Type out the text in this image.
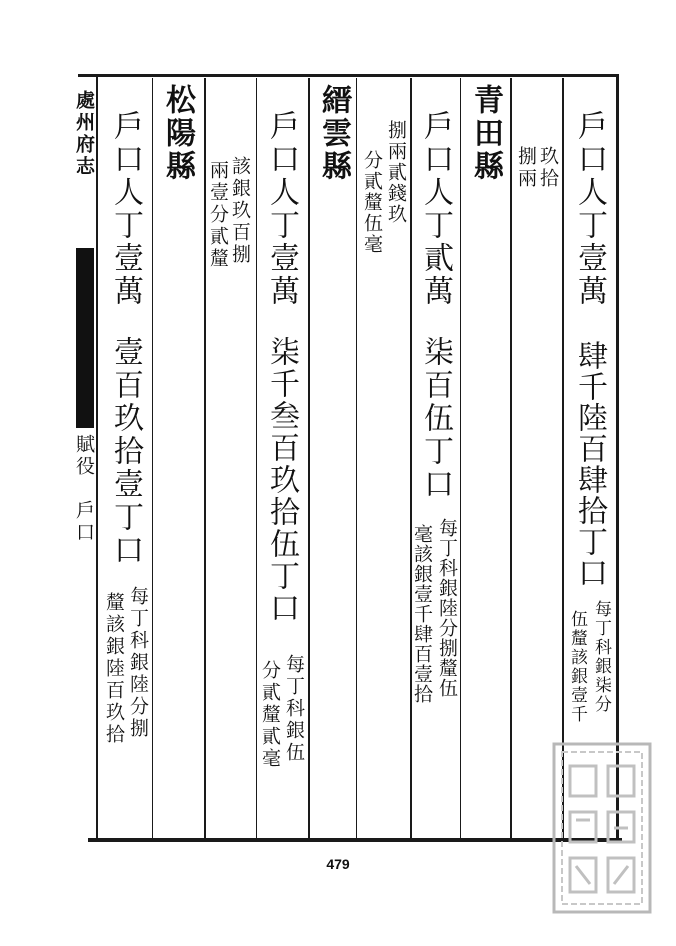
處州府志
賦役
戶口
戶口人丁壹萬
肆千陸百肆拾丁口
玖拾
捌兩
每丁科銀柒分
伍釐該銀壹千
青田縣
戶口人丁貳萬
柒百伍丁口
每丁科銀陸分捌釐伍
毫該銀壹千肆百壹拾
捌兩貳錢玖
分貳釐伍毫
縉雲縣
戶口人丁壹萬
柒千叁百玖拾伍丁口
每丁科銀伍
分貳釐貳毫
該銀玖百捌
兩壹分貳釐
松陽縣
戶口人丁壹萬
壹百玖拾壹丁口
每丁科銀陸分捌
釐該銀陸百玖拾
479
